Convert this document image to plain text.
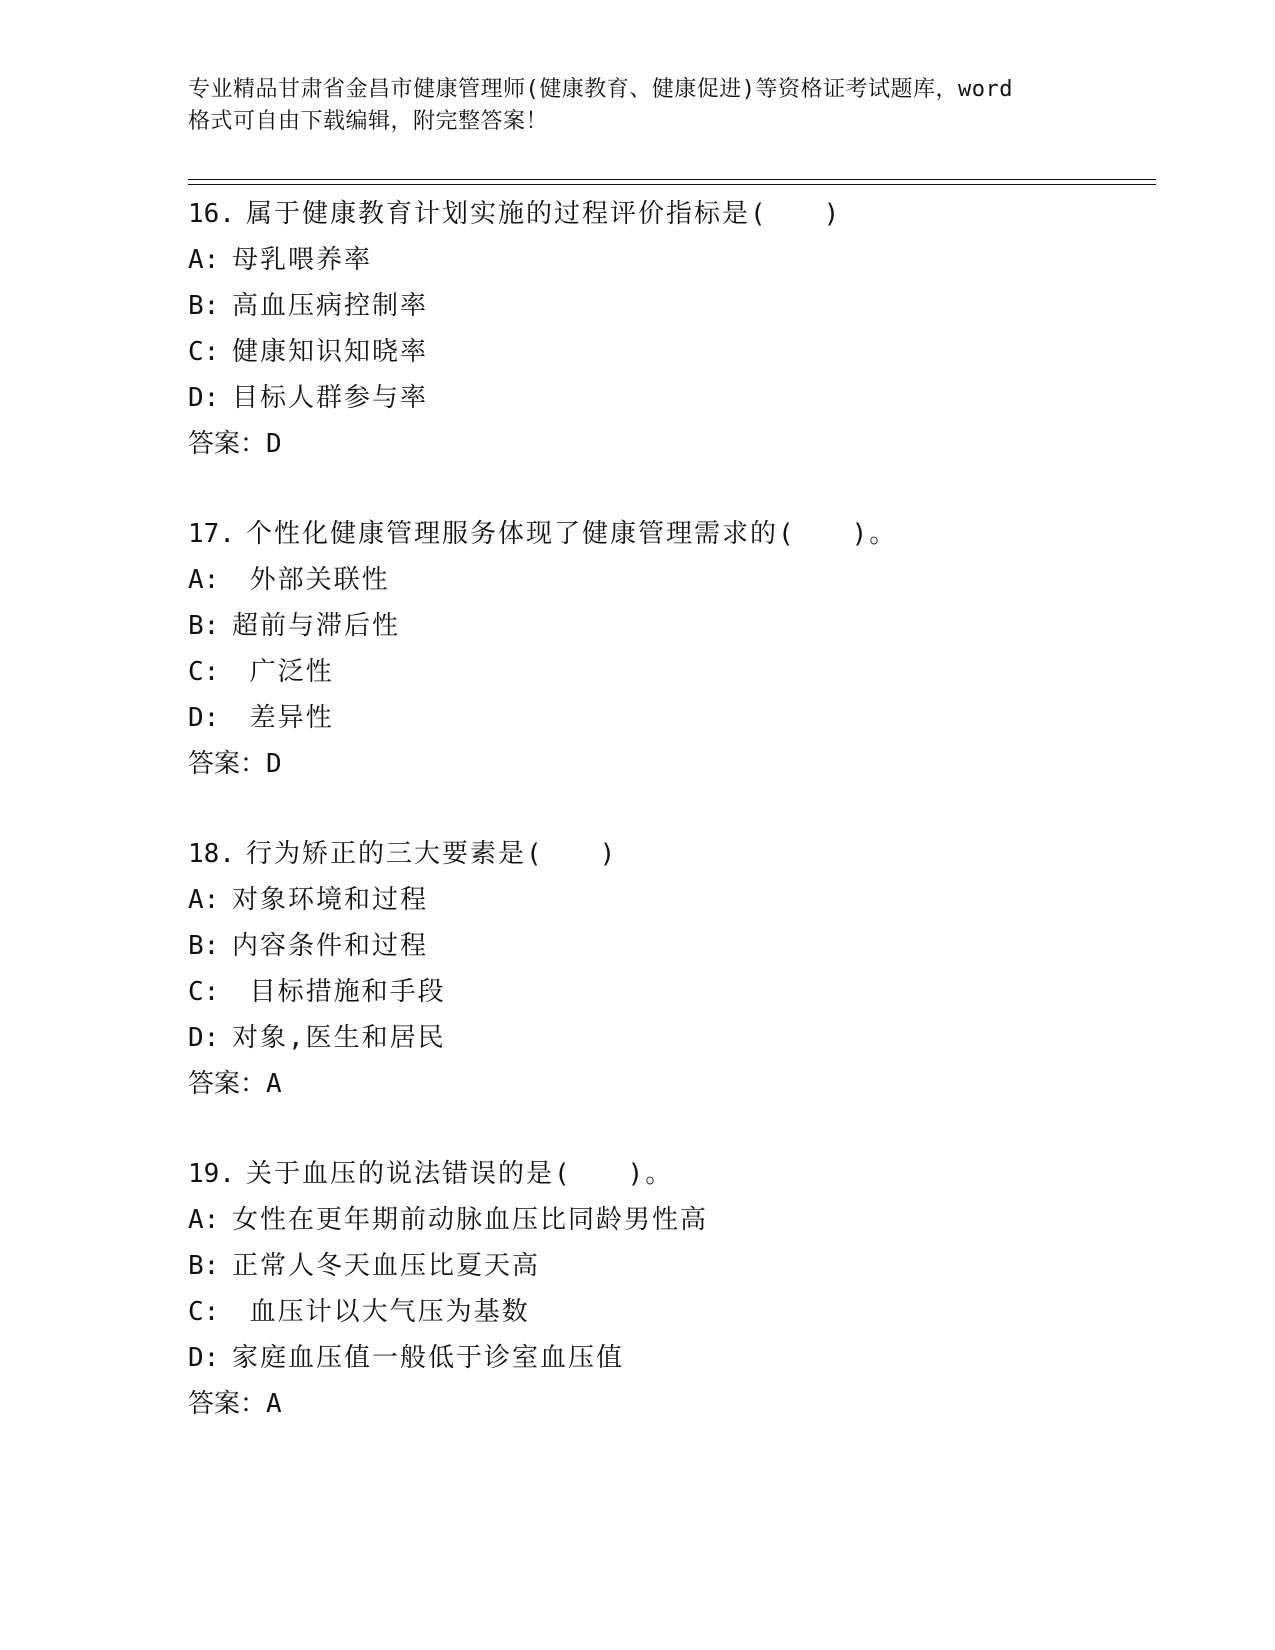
专业精品甘肃省金昌市健康管理师(健康教育、健康促进)等资格证考试题库，word
格式可自由下载编辑，附完整答案！
16. 属于健康教育计划实施的过程评价指标是(　　)
A: 母乳喂养率
B: 高血压病控制率
C: 健康知识知晓率
D: 目标人群参与率
答案：D
17. 个性化健康管理服务体现了健康管理需求的(　　)。
A: 外部关联性
B: 超前与滞后性
C: 广泛性
D: 差异性
答案：D
18. 行为矫正的三大要素是(　　)
A: 对象环境和过程
B: 内容条件和过程
C: 目标措施和手段
D: 对象,医生和居民
答案：A
19. 关于血压的说法错误的是(　　)。
A: 女性在更年期前动脉血压比同龄男性高
B: 正常人冬天血压比夏天高
C: 血压计以大气压为基数
D: 家庭血压值一般低于诊室血压值
答案：A
